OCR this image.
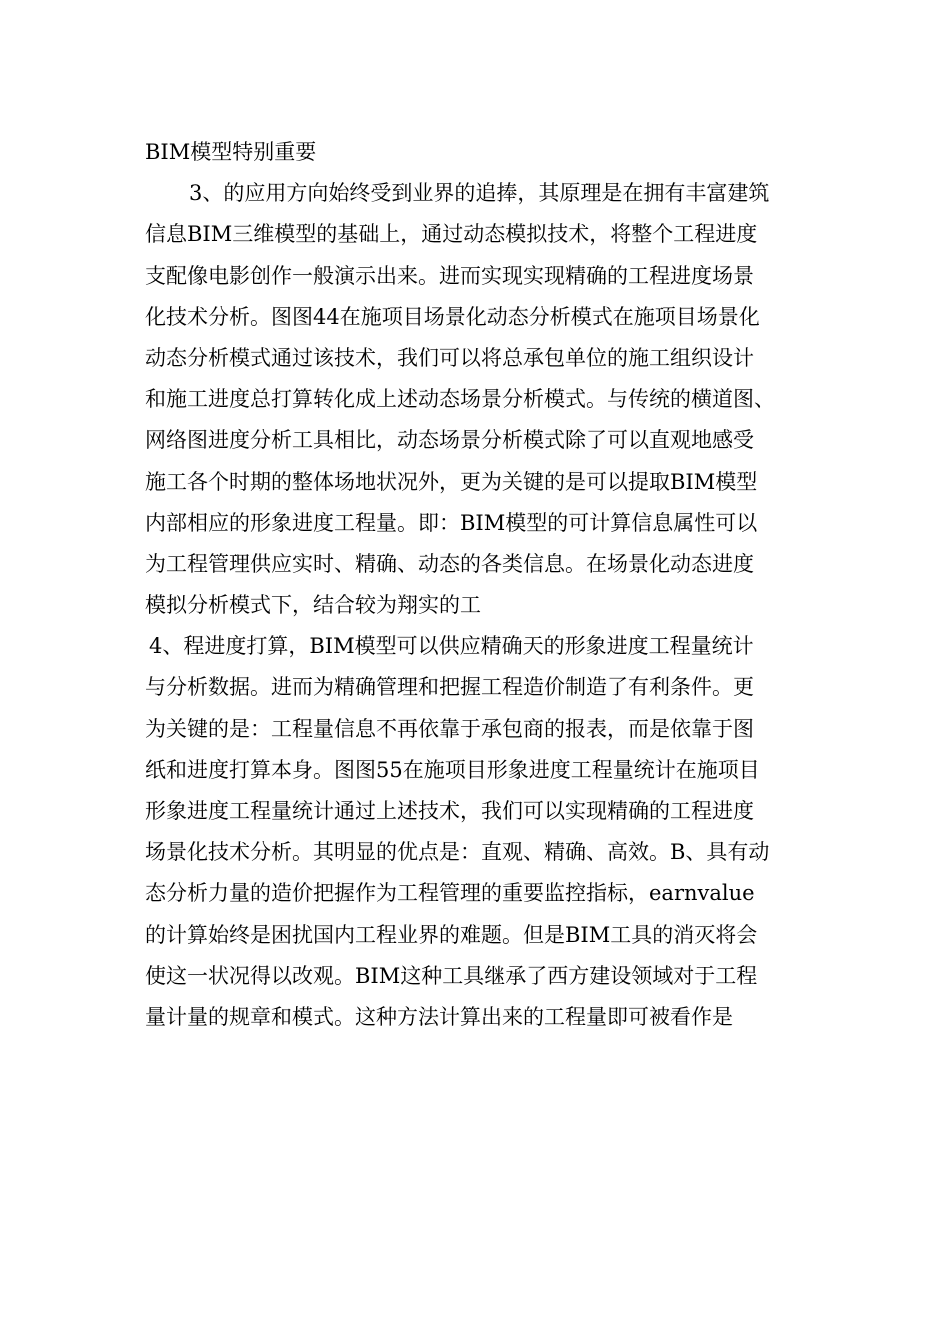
BIM模型特别重要
3、的应用方向始终受到业界的追捧，其原理是在拥有丰富建筑
信息BIM三维模型的基础上，通过动态模拟技术，将整个工程进度
支配像电影创作一般演示出来。进而实现实现精确的工程进度场景
化技术分析。图图44在施项目场景化动态分析模式在施项目场景化
动态分析模式通过该技术，我们可以将总承包单位的施工组织设计
和施工进度总打算转化成上述动态场景分析模式。与传统的横道图、
网络图进度分析工具相比，动态场景分析模式除了可以直观地感受
施工各个时期的整体场地状况外，更为关键的是可以提取BIM模型
内部相应的形象进度工程量。即：BIM模型的可计算信息属性可以
为工程管理供应实时、精确、动态的各类信息。在场景化动态进度
模拟分析模式下，结合较为翔实的工
4、程进度打算，BIM模型可以供应精确天的形象进度工程量统计
与分析数据。进而为精确管理和把握工程造价制造了有利条件。更
为关键的是：工程量信息不再依靠于承包商的报表，而是依靠于图
纸和进度打算本身。图图55在施项目形象进度工程量统计在施项目
形象进度工程量统计通过上述技术，我们可以实现精确的工程进度
场景化技术分析。其明显的优点是：直观、精确、高效。B、具有动
态分析力量的造价把握作为工程管理的重要监控指标，earnvalue
的计算始终是困扰国内工程业界的难题。但是BIM工具的消灭将会
使这一状况得以改观。BIM这种工具继承了西方建设领域对于工程
量计量的规章和模式。这种方法计算出来的工程量即可被看作是
